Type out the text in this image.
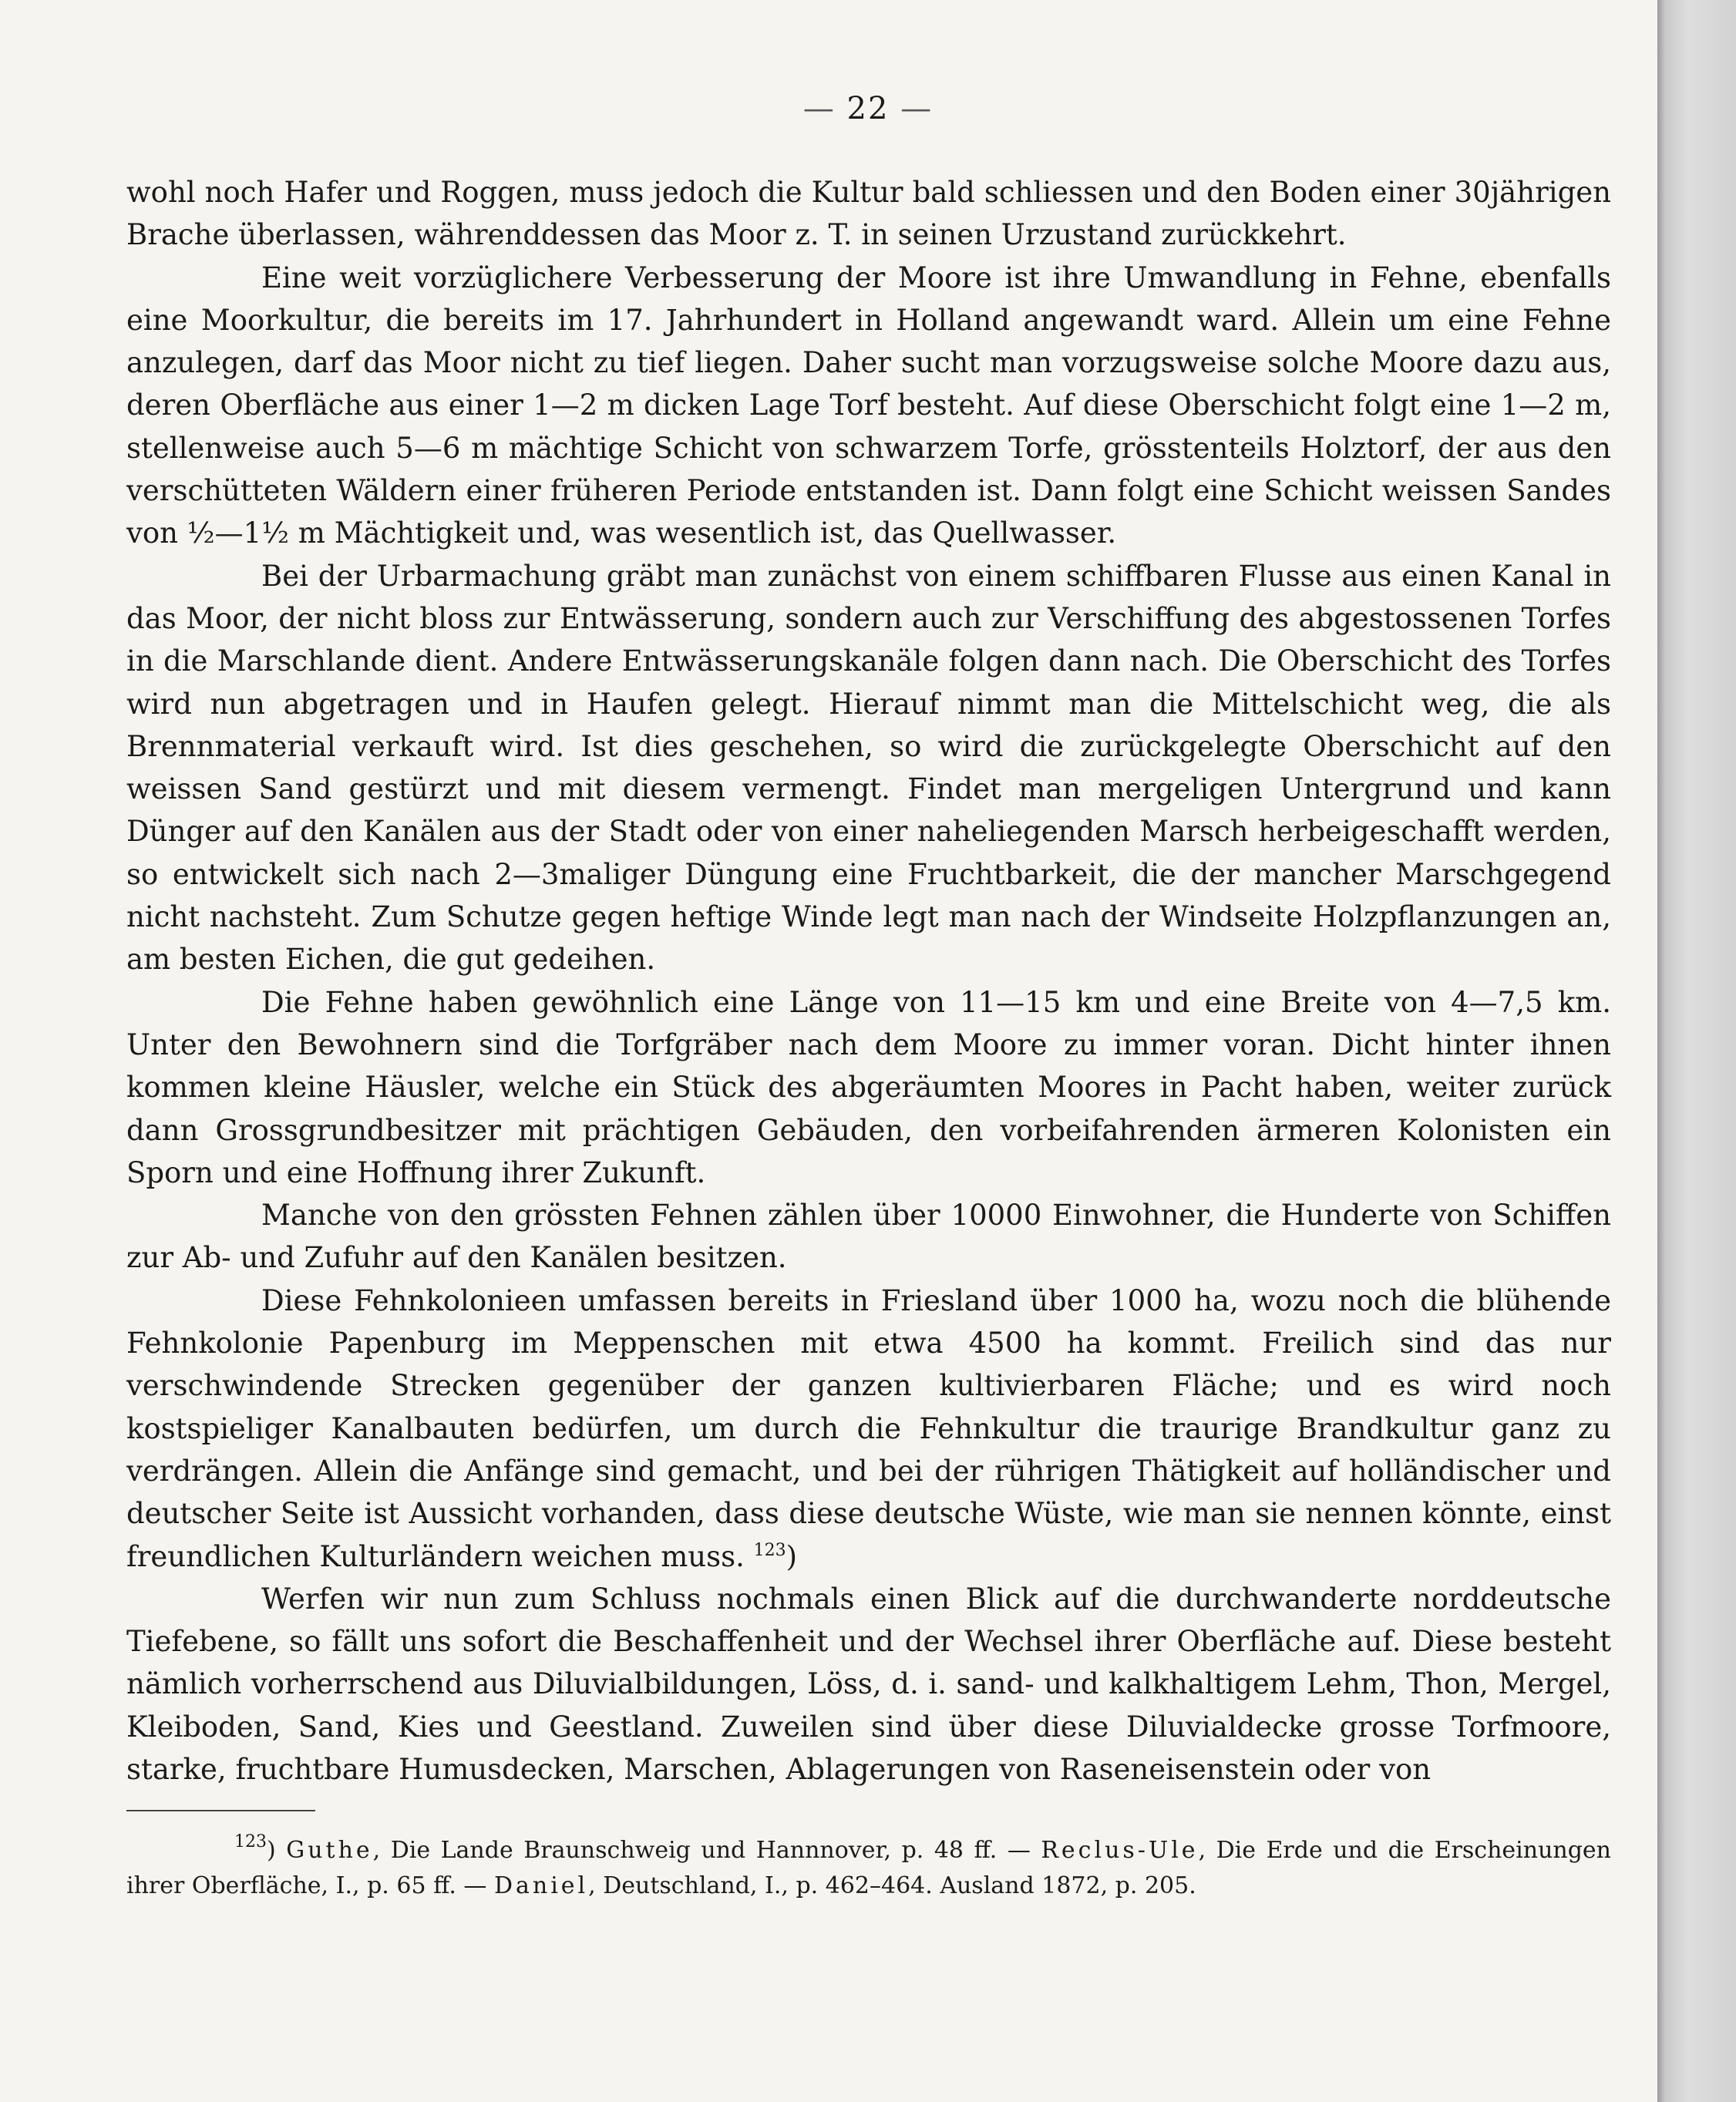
— 22 —

wohl noch Hafer und Roggen, muss jedoch die Kultur bald schliessen und den Boden einer 30jährigen Brache überlassen, währenddessen das Moor z. T. in seinen Urzustand zurückkehrt.

Eine weit vorzüglichere Verbesserung der Moore ist ihre Umwandlung in Fehne, ebenfalls eine Moorkultur, die bereits im 17. Jahrhundert in Holland angewandt ward. Allein um eine Fehne anzulegen, darf das Moor nicht zu tief liegen. Daher sucht man vorzugsweise solche Moore dazu aus, deren Oberfläche aus einer 1—2 m dicken Lage Torf besteht. Auf diese Oberschicht folgt eine 1—2 m, stellenweise auch 5—6 m mächtige Schicht von schwarzem Torfe, grösstenteils Holztorf, der aus den verschütteten Wäldern einer früheren Periode entstanden ist. Dann folgt eine Schicht weissen Sandes von ½—1½ m Mächtigkeit und, was wesentlich ist, das Quellwasser.

Bei der Urbarmachung gräbt man zunächst von einem schiffbaren Flusse aus einen Kanal in das Moor, der nicht bloss zur Entwässerung, sondern auch zur Verschiffung des abgestossenen Torfes in die Marschlande dient. Andere Entwässerungskanäle folgen dann nach. Die Oberschicht des Torfes wird nun abgetragen und in Haufen gelegt. Hierauf nimmt man die Mittelschicht weg, die als Brennmaterial verkauft wird. Ist dies geschehen, so wird die zurückgelegte Oberschicht auf den weissen Sand gestürzt und mit diesem vermengt. Findet man mergeligen Untergrund und kann Dünger auf den Kanälen aus der Stadt oder von einer naheliegenden Marsch herbeigeschafft werden, so entwickelt sich nach 2—3maliger Düngung eine Fruchtbarkeit, die der mancher Marschgegend nicht nachsteht. Zum Schutze gegen heftige Winde legt man nach der Windseite Holzpflanzungen an, am besten Eichen, die gut gedeihen.

Die Fehne haben gewöhnlich eine Länge von 11—15 km und eine Breite von 4—7,5 km. Unter den Bewohnern sind die Torfgräber nach dem Moore zu immer voran. Dicht hinter ihnen kommen kleine Häusler, welche ein Stück des abgeräumten Moores in Pacht haben, weiter zurück dann Grossgrundbesitzer mit prächtigen Gebäuden, den vorbeifahrenden ärmeren Kolonisten ein Sporn und eine Hoffnung ihrer Zukunft.

Manche von den grössten Fehnen zählen über 10000 Einwohner, die Hunderte von Schiffen zur Ab- und Zufuhr auf den Kanälen besitzen.

Diese Fehnkolonieen umfassen bereits in Friesland über 1000 ha, wozu noch die blühende Fehnkolonie Papenburg im Meppenschen mit etwa 4500 ha kommt. Freilich sind das nur verschwindende Strecken gegenüber der ganzen kultivierbaren Fläche; und es wird noch kostspieliger Kanalbauten bedürfen, um durch die Fehnkultur die traurige Brandkultur ganz zu verdrängen. Allein die Anfänge sind gemacht, und bei der rührigen Thätigkeit auf holländischer und deutscher Seite ist Aussicht vorhanden, dass diese deutsche Wüste, wie man sie nennen könnte, einst freundlichen Kulturländern weichen muss. $^{123}$)

Werfen wir nun zum Schluss nochmals einen Blick auf die durchwanderte norddeutsche Tiefebene, so fällt uns sofort die Beschaffenheit und der Wechsel ihrer Oberfläche auf. Diese besteht nämlich vorherrschend aus Diluvialbildungen, Löss, d. i. sand- und kalkhaltigem Lehm, Thon, Mergel, Kleiboden, Sand, Kies und Geestland. Zuweilen sind über diese Diluvialdecke grosse Torfmoore, starke, fruchtbare Humusdecken, Marschen, Ablagerungen von Raseneisenstein oder von

$^{123}$) Guthe, Die Lande Braunschweig und Hannnover, p. 48 ff. — Reclus-Ule, Die Erde und die Erscheinungen ihrer Oberfläche, I., p. 65 ff. — Daniel, Deutschland, I., p. 462–464. Ausland 1872, p. 205.
